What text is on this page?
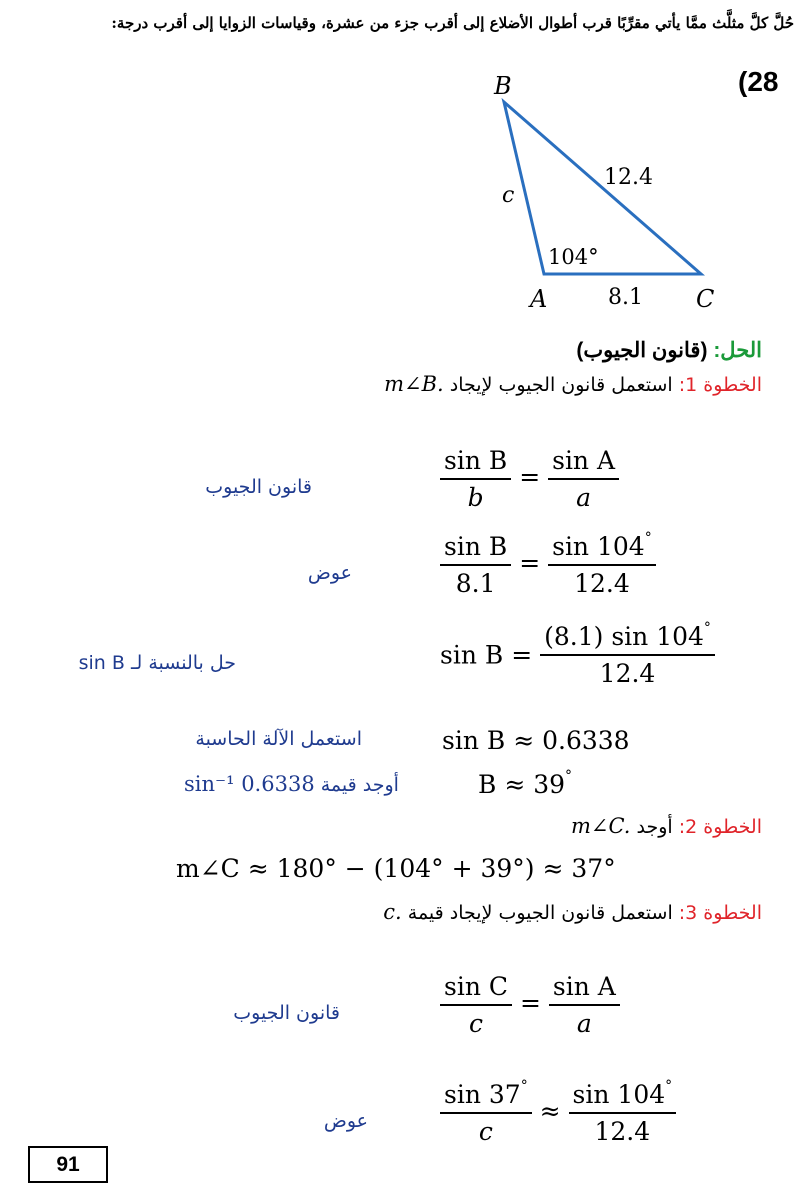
حُلَّ كلَّ مثلَّث ممَّا يأتي مقرِّبًا قرب أطوال الأضلاع إلى أقرب جزء من عشرة، وقياسات الزوايا إلى أقرب درجة:
(28
B
A	C
c
12.4
8.1
104°
الحل: (قانون الجيوب)
الخطوة 1: استعمل قانون الجيوب لإيجاد m∠B.
$\frac{\text{sin B}}{b} = \frac{\text{sin A}}{a}$
قانون الجيوب
$\frac{\text{sin B}}{8.1} = \frac{\sin 104^\circ}{12.4}$
عوض
$\sin B = \frac{(8.1) \sin 104^\circ}{12.4}$
حل بالنسبة لـ sin B
sin B ≈ 0.6338
استعمل الآلة الحاسبة
B ≈ 39°
sin⁻¹ 0.6338 أوجد قيمة
الخطوة 2: أوجد m∠C.
m∠C ≈ 180° − (104° + 39°) ≈ 37°
الخطوة 3: استعمل قانون الجيوب لإيجاد قيمة c.
$\frac{\text{sin C}}{c} = \frac{\text{sin A}}{a}$
قانون الجيوب
$\frac{\sin 37^\circ}{c} \approx \frac{\sin 104^\circ}{12.4}$
عوض
91
